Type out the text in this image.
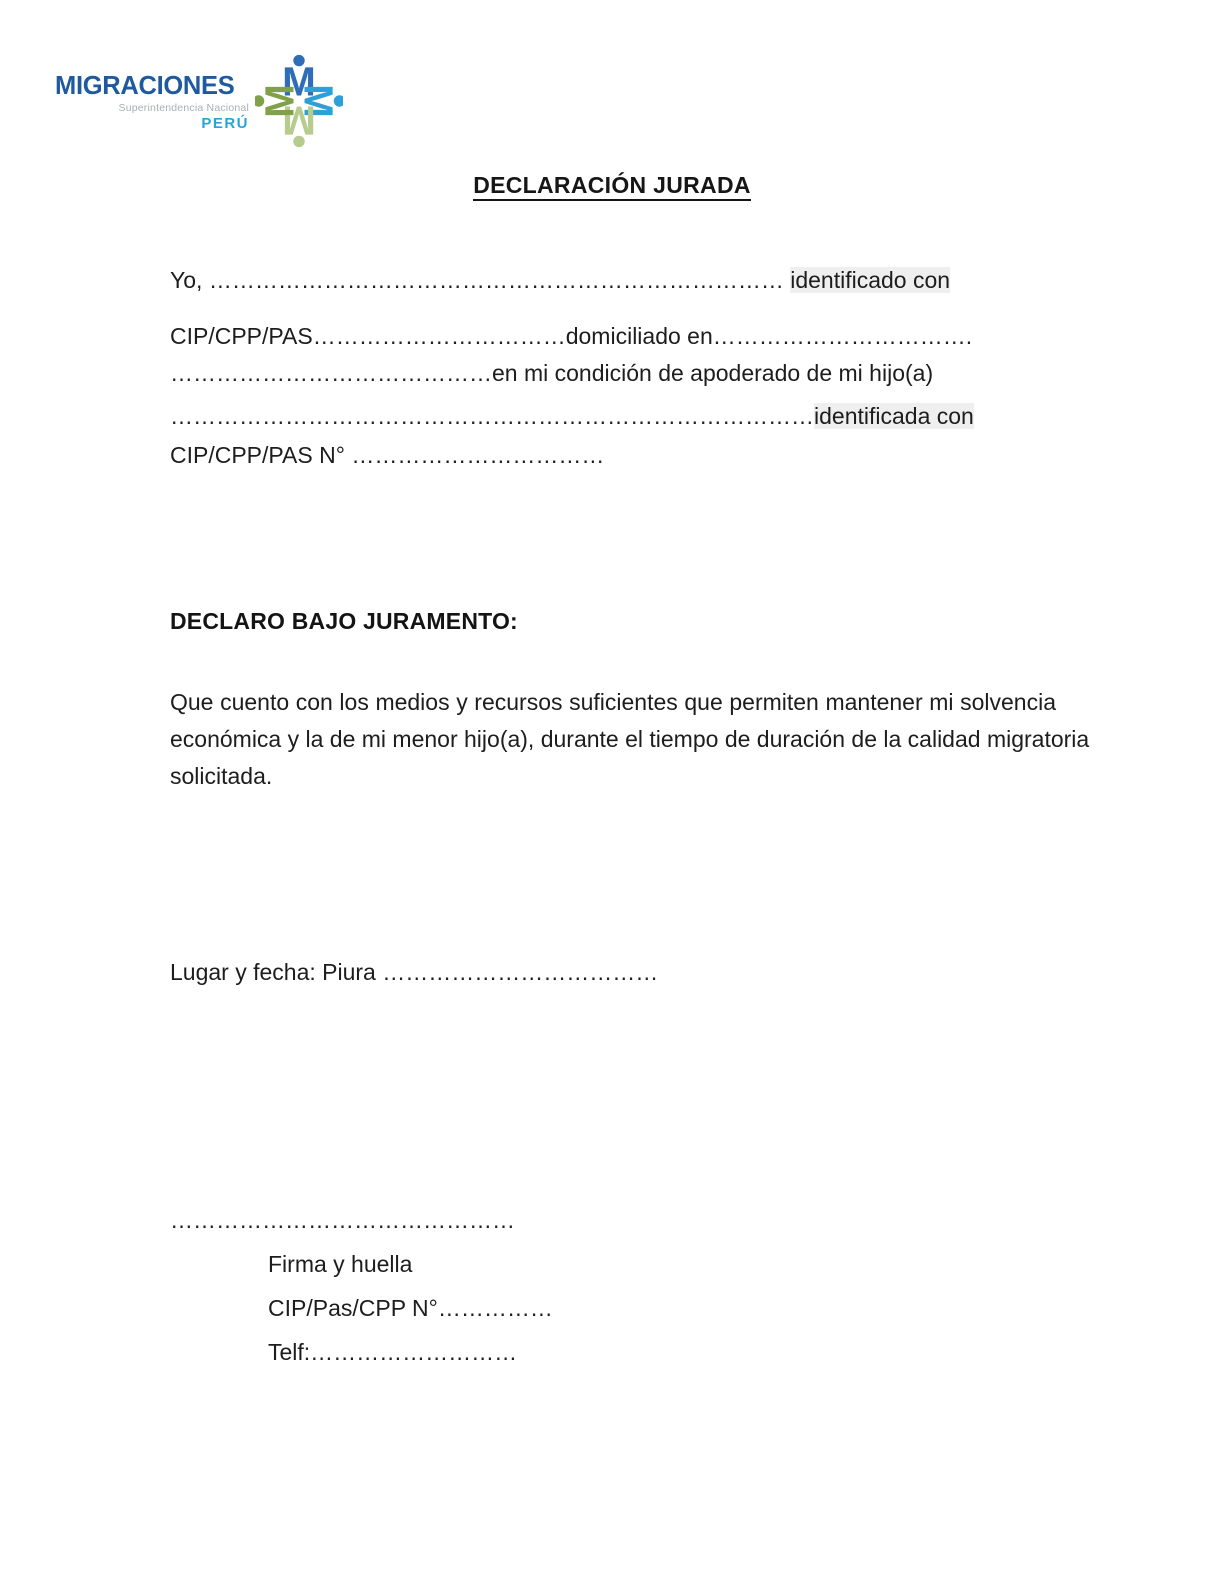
MIGRACIONES
Superintendencia Nacional
PERÚ
M
M
M
M
DECLARACIÓN JURADA
Yo, ………………………………………………………………… identificado con
CIP/CPP/PAS……………………………domiciliado en…………………………….
……………………………………en mi condición de apoderado de mi hijo(a)
…………………………………………………………………………identificada con
CIP/CPP/PAS N° ……………………………
DECLARO BAJO JURAMENTO:
Que cuento con los medios y recursos suficientes que permiten mantener mi solvencia
económica y la de mi menor hijo(a), durante el tiempo de duración de la calidad migratoria
solicitada.
Lugar y fecha: Piura ………………………………
………………………………………
Firma y huella
CIP/Pas/CPP N°……………
Telf:………………………
